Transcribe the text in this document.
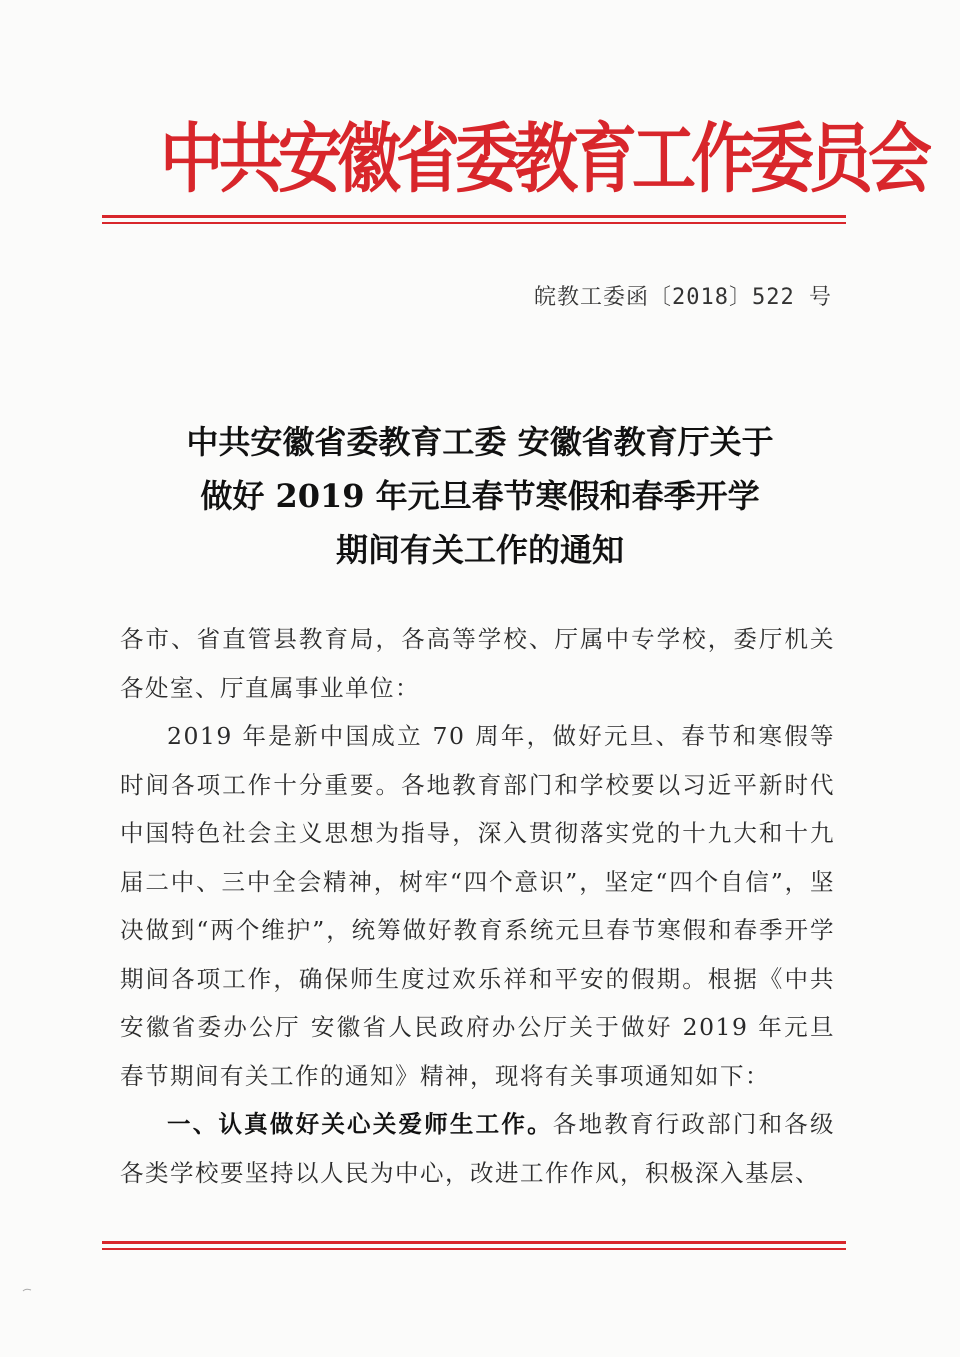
中共安徽省委教育工作委员会
皖教工委函〔2018〕522 号
中共安徽省委教育工委 安徽省教育厅关于
做好 2019 年元旦春节寒假和春季开学
期间有关工作的通知

各市、省直管县教育局，各高等学校、厅属中专学校，委厅机关各处室、厅直属事业单位：

2019 年是新中国成立 70 周年，做好元旦、春节和寒假等时间各项工作十分重要。各地教育部门和学校要以习近平新时代中国特色社会主义思想为指导，深入贯彻落实党的十九大和十九届二中、三中全会精神，树牢“四个意识”，坚定“四个自信”，坚决做到“两个维护”，统筹做好教育系统元旦春节寒假和春季开学期间各项工作，确保师生度过欢乐祥和平安的假期。根据《中共安徽省委办公厅 安徽省人民政府办公厅关于做好 2019 年元旦春节期间有关工作的通知》精神，现将有关事项通知如下：

一、认真做好关心关爱师生工作。各地教育行政部门和各级各类学校要坚持以人民为中心，改进工作作风，积极深入基层、
